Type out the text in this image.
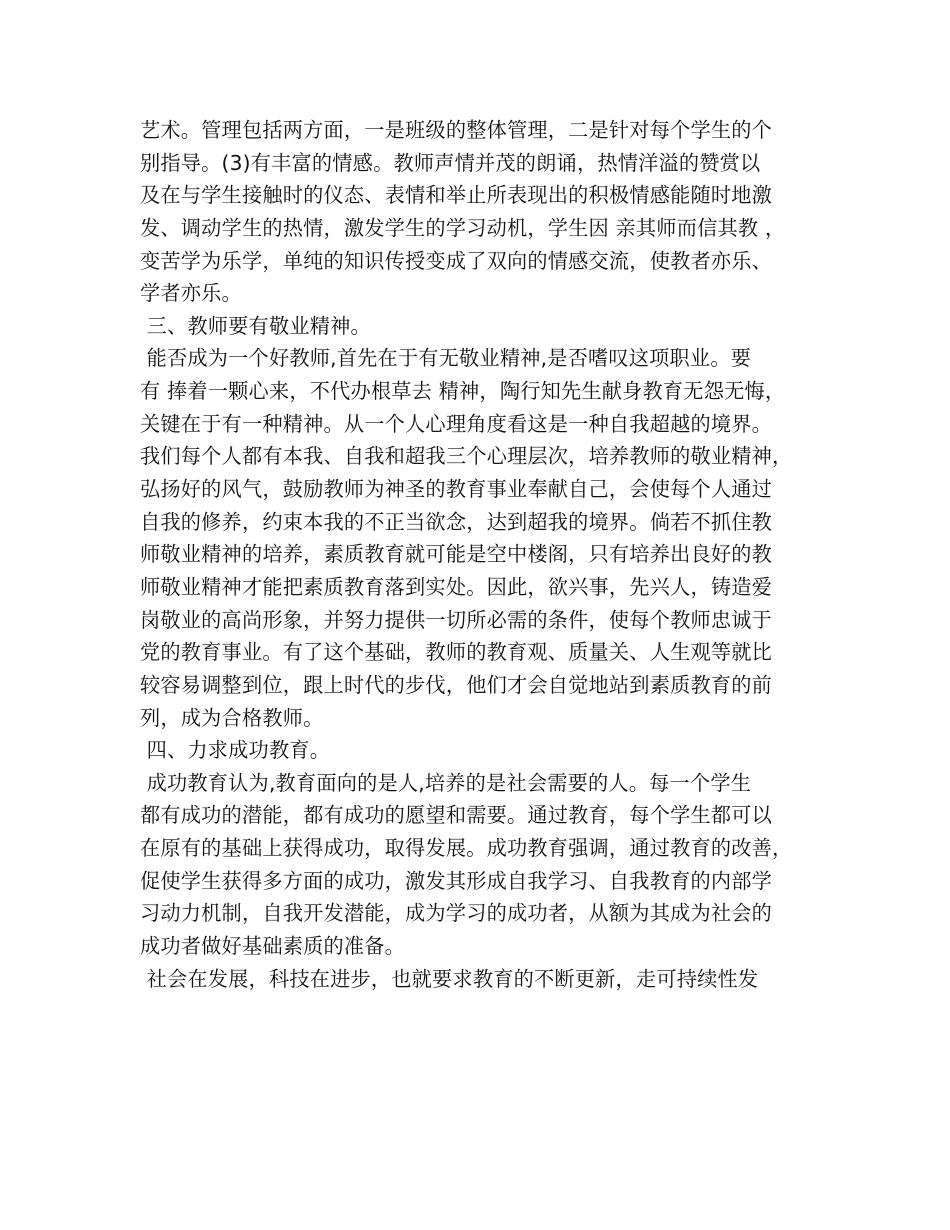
艺术。管理包括两方面，一是班级的整体管理，二是针对每个学生的个

别指导。(3)有丰富的情感。教师声情并茂的朗诵，热情洋溢的赞赏以

及在与学生接触时的仪态、表情和举止所表现出的积极情感能随时地激

发、调动学生的热情，激发学生的学习动机，学生因 亲其师而信其教 ，

变苦学为乐学，单纯的知识传授变成了双向的情感交流，使教者亦乐、

学者亦乐。

三、教师要有敬业精神。

能否成为一个好教师,首先在于有无敬业精神,是否嗜叹这项职业。要

有 捧着一颗心来，不代办根草去 精神，陶行知先生献身教育无怨无悔，

关键在于有一种精神。从一个人心理角度看这是一种自我超越的境界。

我们每个人都有本我、自我和超我三个心理层次，培养教师的敬业精神，

弘扬好的风气，鼓励教师为神圣的教育事业奉献自己，会使每个人通过

自我的修养，约束本我的不正当欲念，达到超我的境界。倘若不抓住教

师敬业精神的培养，素质教育就可能是空中楼阁，只有培养出良好的教

师敬业精神才能把素质教育落到实处。因此，欲兴事，先兴人，铸造爱

岗敬业的高尚形象，并努力提供一切所必需的条件，使每个教师忠诚于

党的教育事业。有了这个基础，教师的教育观、质量关、人生观等就比

较容易调整到位，跟上时代的步伐，他们才会自觉地站到素质教育的前

列，成为合格教师。

四、力求成功教育。

成功教育认为,教育面向的是人,培养的是社会需要的人。每一个学生

都有成功的潜能，都有成功的愿望和需要。通过教育，每个学生都可以

在原有的基础上获得成功，取得发展。成功教育强调，通过教育的改善，

促使学生获得多方面的成功，激发其形成自我学习、自我教育的内部学

习动力机制，自我开发潜能，成为学习的成功者，从额为其成为社会的

成功者做好基础素质的准备。

社会在发展，科技在进步，也就要求教育的不断更新，走可持续性发
